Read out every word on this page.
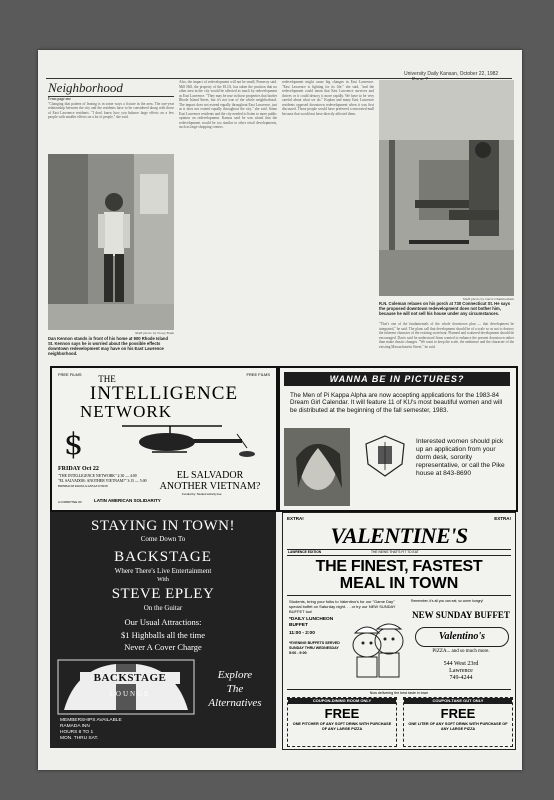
University Daily Kansan, October 22, 1982
Neighborhood
From page one
"Changing that pattern of leasing is in some ways a fixture in the area. The one-year relationship between the city and the residents have to be considered along with those of East Lawrence residents. "I don't know how you balance large effects on a few people with smaller effects on a lot of people," she said.
Staff photo by Doug Rusk
Dan Kennon stands in front of his home at 900 Rhode Island St. Kennon says he is worried about the possible effects downtown redevelopment may have on his East Lawrence neighborhood.
Also, the impact of redevelopment will not be small, Pomeroy said. Mill Hill, the property of the ELIA, has taken the position that no other area in the city would be affected as much by redevelopment as East Lawrence. "They may be true in those properties that border Rhode Island Street, but it's not true of the whole neighborhood. The impact does not extend equally throughout East Lawrence, just as it does not extend equally throughout the city," she said. Some East Lawrence residents and the city needed to listen to more public opinion on redevelopment. Kansas said he was afraid that the redevelopment would be too similar to other retail developments, such as large shopping centers.
redevelopment might cause big changes in East Lawrence. "East Lawrence is fighting for its life," she said, "and the redevelopment could mean that East Lawrence survives and thrives or it could destroy it more rapidly. We have to be very careful about what we do." Koplan and many East Lawrence residents opposed downtown redevelopment when it was first discussed. Those people would have preferred a renovated mall because that would not have directly affected them.
Staff photo by Carol Chamberlain
R.N. Coleman relaxes on his porch at 730 Connecticut St. He says the proposed downtown redevelopment does not bother him, because he will not sell his house under any circumstances.
"That's one of the fundamentals of the whole downtown plan — that development be integrated," he said. The plans call that development should be of a scale so as not to destroy the inherent character of the existing storefront. Planned and scattered development should be encouraged. Davis said he understood firms wanted to enhance the present downtown rather than make drastic changes. "We want to keep the scale, the ambience and the character of the existing Massachusetts Street," he said.
FREE FILMS	FREE FILMS
THE
INTELLIGENCE
NETWORK
$
FRIDAY Oct 22
"THE INTELLIGENCE NETWORK" 2:30 — 4:00
"EL SALVADOR: ANOTHER VIETNAM?" 3:15 — 5:00
BIRNBAUM ROOM, KANSAS UNION
EL SALVADOR
ANOTHER VIETNAM?
A COMMITTEE OF	LATIN AMERICAN SOLIDARITY
Funded by: Student Activity Fee
WANNA BE IN PICTURES?
The Men of Pi Kappa Alpha are now accepting applications for the 1983-84 Dream Girl Calendar. It will feature 11 of KU's most beautiful women and will be distributed at the beginning of the fall semester, 1983.
Interested women should pick up an application from your dorm desk, sorority representative, or call the Pike house at 843-8690
STAYING IN TOWN!
Come Down To
BACKSTAGE
Where There's Live Entertainment
With
STEVE EPLEY
On the Guitar
Our Usual Attractions:
$1 Highballs all the time
Never A Cover Charge
BACKSTAGE
LOUNGE
Explore
The
Alternatives
MEMBERSHIPS AVAILABLE
RAMADA INN
HOURS 8 TO 1
MON. THRU SAT.
EXTRA!	EXTRA!
VALENTINE'S
LAWRENCE EDITION	THE NEWS THAT'S FIT TO EAT
THE FINEST, FASTEST
MEAL IN TOWN
Students, bring your folks to Valentino's for our "Game Day" special buffet on Saturday night. . . or try our NEW SUNDAY BUFFET too!
*DAILY LUNCHEON BUFFET
11:00 - 2:00
*EVENING BUFFETS SERVED SUNDAY THRU WEDNESDAY
5:00 - 9:00
Remember, it's all you can eat, so come hungry!
NEW SUNDAY BUFFET
Valentino's
PIZZA... and so much more.
544 West 23rd
Lawrence
749-4244
Now delivering the best taste in town
COUPON-DINING ROOM ONLY
FREE
ONE PITCHER OF ANY SOFT DRINK WITH PURCHASE OF ANY LARGE PIZZA
COUPON-TAKE OUT ONLY
FREE
ONE LITER OF ANY SOFT DRINK WITH PURCHASE OF ANY LARGE PIZZA
